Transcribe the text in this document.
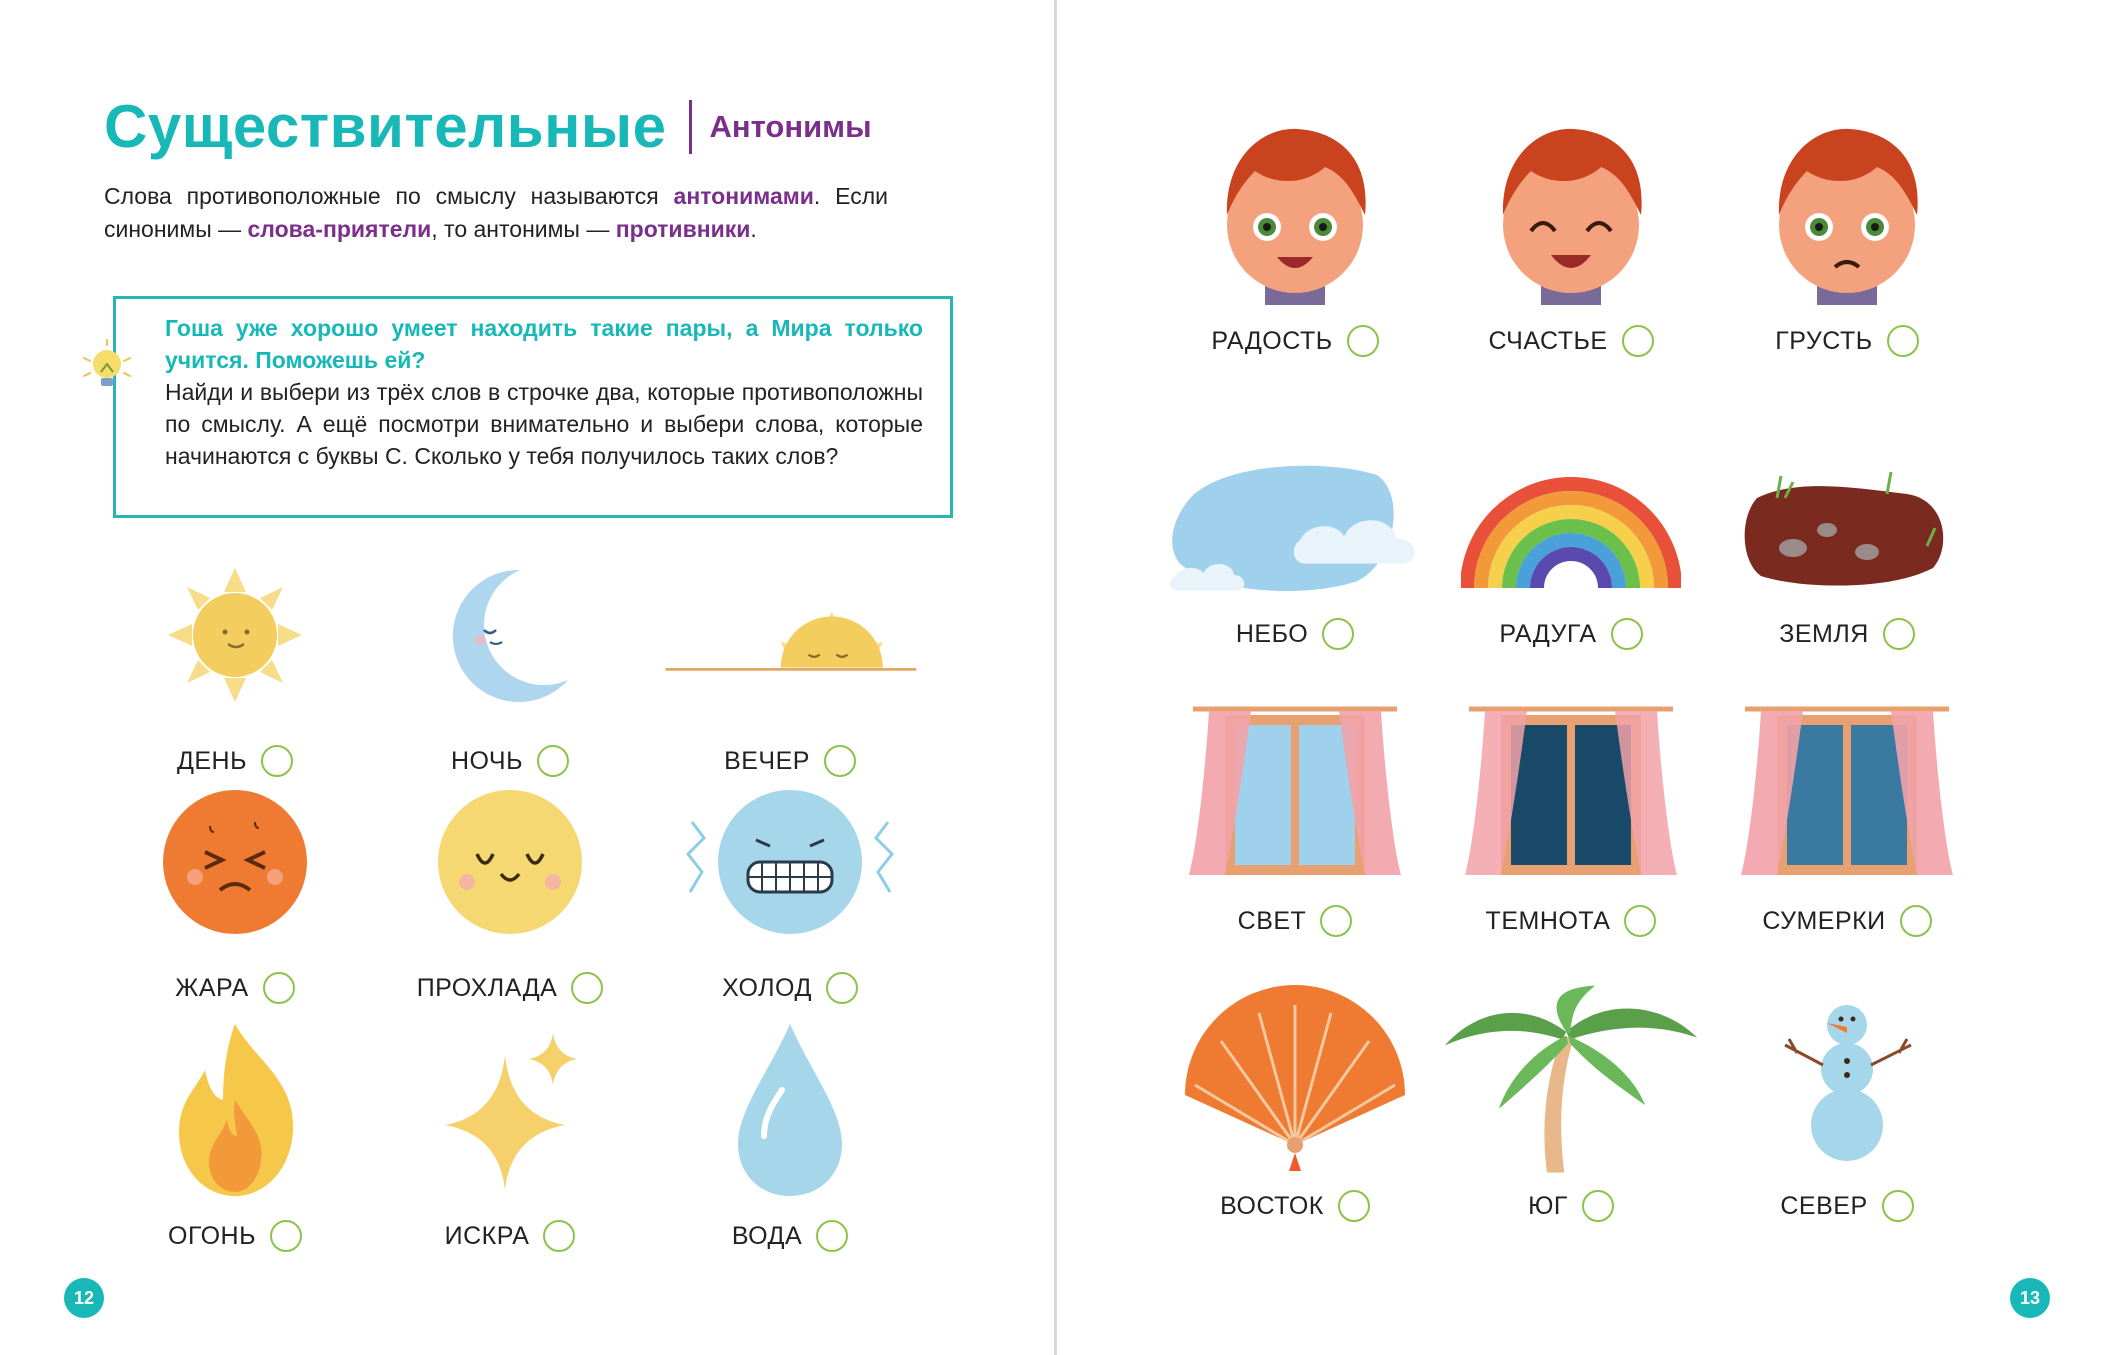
Существительные Антонимы
Слова противоположные по смыслу называются антонимами. Если синонимы — слова-приятели, то антонимы — противники.
Гоша уже хорошо умеет находить такие пары, а Мира только учится. Поможешь ей?
Найди и выбери из трёх слов в строчке два, которые противоположны по смыслу. А ещё посмотри внимательно и выбери слова, которые начинаются с буквы С. Сколько у тебя получилось таких слов?
ДЕНЬ	НОЧЬ	ВЕЧЕР
ЖАРА	ПРОХЛАДА	ХОЛОД
ОГОНЬ	ИСКРА	ВОДА
12
РАДОСТЬ	СЧАСТЬЕ	ГРУСТЬ
НЕБО	РАДУГА	ЗЕМЛЯ
СВЕТ	ТЕМНОТА	СУМЕРКИ
ВОСТОК	ЮГ	СЕВЕР
13
